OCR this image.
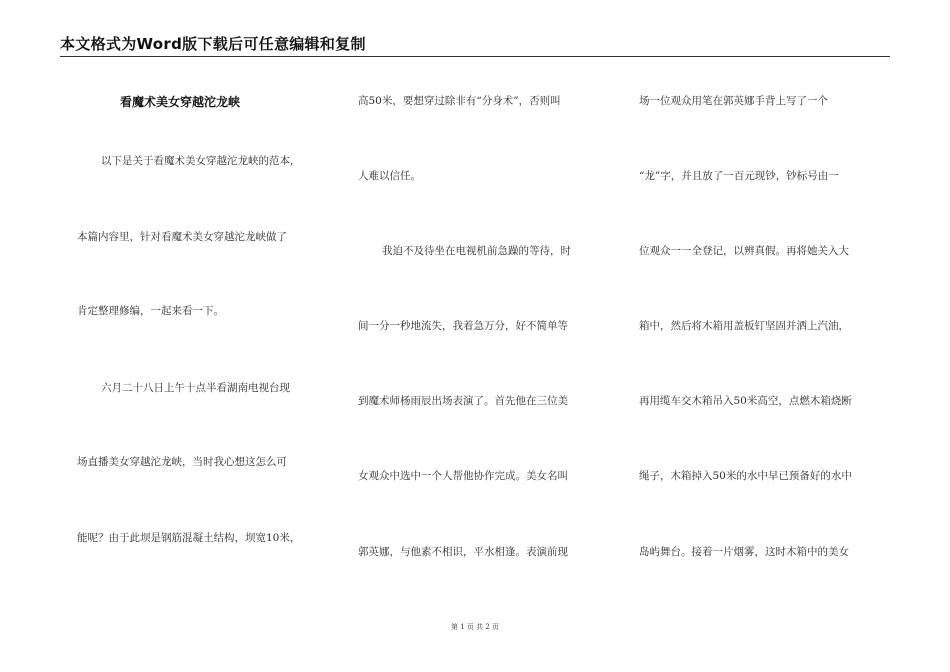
本文格式为Word版下载后可任意编辑和复制
看魔术美女穿越沱龙峡
以下是关于看魔术美女穿越沱龙峡的范本,
本篇内容里，针对看魔术美女穿越沱龙峡做了
肯定整理修编，一起来看一下。
六月二十八日上午十点半看湖南电视台现
场直播美女穿越沱龙峡，当时我心想这怎么可
能呢？由于此坝是钢筋混凝土结构，坝宽10米，
高50米，要想穿过除非有“分身术”，否则叫
人难以信任。
我迫不及待坐在电视机前急躁的等待，时
间一分一秒地流失，我着急万分，好不简单等
到魔术师杨雨辰出场表演了。首先他在三位美
女观众中选中一个人帮他协作完成。美女名叫
郭英娜，与他素不相识，平水相逢。表演前现
场一位观众用笔在郭英娜手背上写了一个
“龙”字，并且放了一百元现钞，钞标号由一
位观众一一全登记，以辨真假。再将她关入大
箱中，然后将木箱用盖板钉坚固并洒上汽油，
再用缆车交木箱吊入50米高空，点燃木箱烧断
绳子，木箱掉入50米的水中早已预备好的水中
岛屿舞台。接着一片烟雾，这时木箱中的美女
第 1 页 共 2 页
